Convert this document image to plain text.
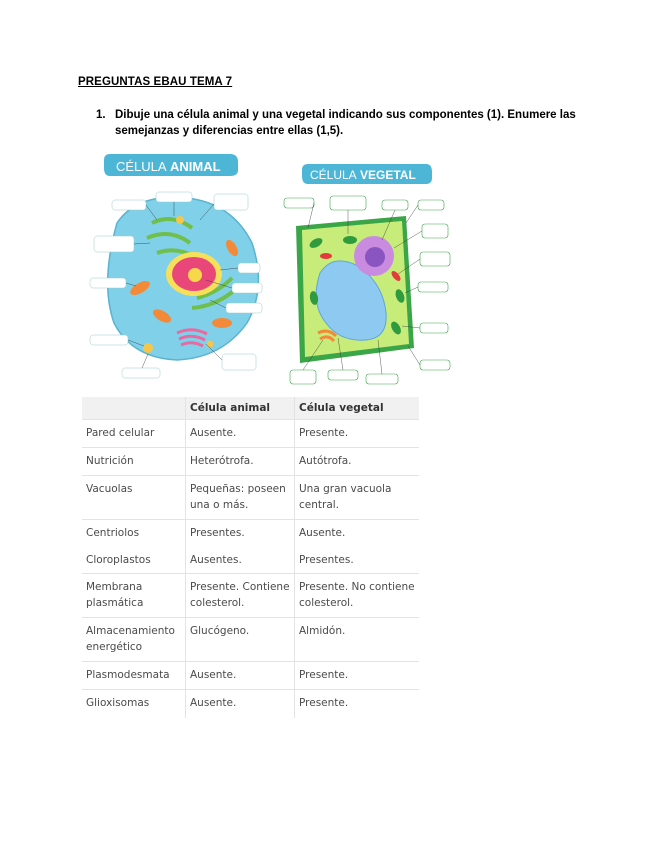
PREGUNTAS EBAU TEMA 7
1. Dibuje una célula animal y una vegetal indicando sus componentes (1). Enumere las semejanzas y diferencias entre ellas (1,5).
CÉLULA ANIMAL
CÉLULA VEGETAL
	Célula animal	Célula vegetal
Pared celular	Ausente.	Presente.
Nutrición	Heterótrofa.	Autótrofa.
Vacuolas	Pequeñas: poseen una o más.	Una gran vacuola central.
Centriolos	Presentes.	Ausente.
Cloroplastos	Ausentes.	Presentes.
Membrana plasmática	Presente. Contiene colesterol.	Presente. No contiene colesterol.
Almacenamiento energético	Glucógeno.	Almidón.
Plasmodesmata	Ausente.	Presente.
Glioxisomas	Ausente.	Presente.
